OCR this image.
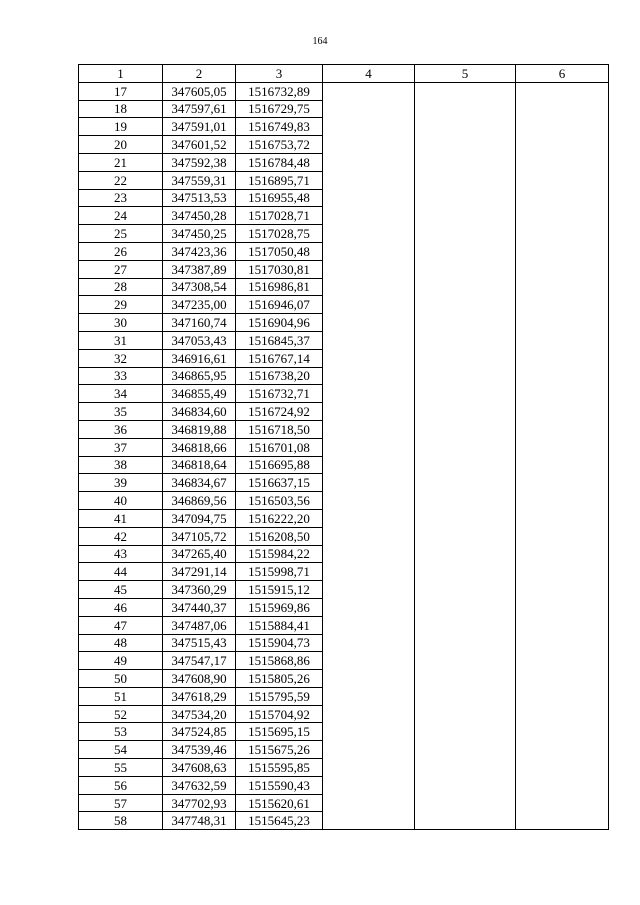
164
1	2	3	4	5	6
17	347605,05	1516732,89			
18	347597,61	1516729,75			
19	347591,01	1516749,83			
20	347601,52	1516753,72			
21	347592,38	1516784,48			
22	347559,31	1516895,71			
23	347513,53	1516955,48			
24	347450,28	1517028,71			
25	347450,25	1517028,75			
26	347423,36	1517050,48			
27	347387,89	1517030,81			
28	347308,54	1516986,81			
29	347235,00	1516946,07			
30	347160,74	1516904,96			
31	347053,43	1516845,37			
32	346916,61	1516767,14			
33	346865,95	1516738,20			
34	346855,49	1516732,71			
35	346834,60	1516724,92			
36	346819,88	1516718,50			
37	346818,66	1516701,08			
38	346818,64	1516695,88			
39	346834,67	1516637,15			
40	346869,56	1516503,56			
41	347094,75	1516222,20			
42	347105,72	1516208,50			
43	347265,40	1515984,22			
44	347291,14	1515998,71			
45	347360,29	1515915,12			
46	347440,37	1515969,86			
47	347487,06	1515884,41			
48	347515,43	1515904,73			
49	347547,17	1515868,86			
50	347608,90	1515805,26			
51	347618,29	1515795,59			
52	347534,20	1515704,92			
53	347524,85	1515695,15			
54	347539,46	1515675,26			
55	347608,63	1515595,85			
56	347632,59	1515590,43			
57	347702,93	1515620,61			
58	347748,31	1515645,23			
